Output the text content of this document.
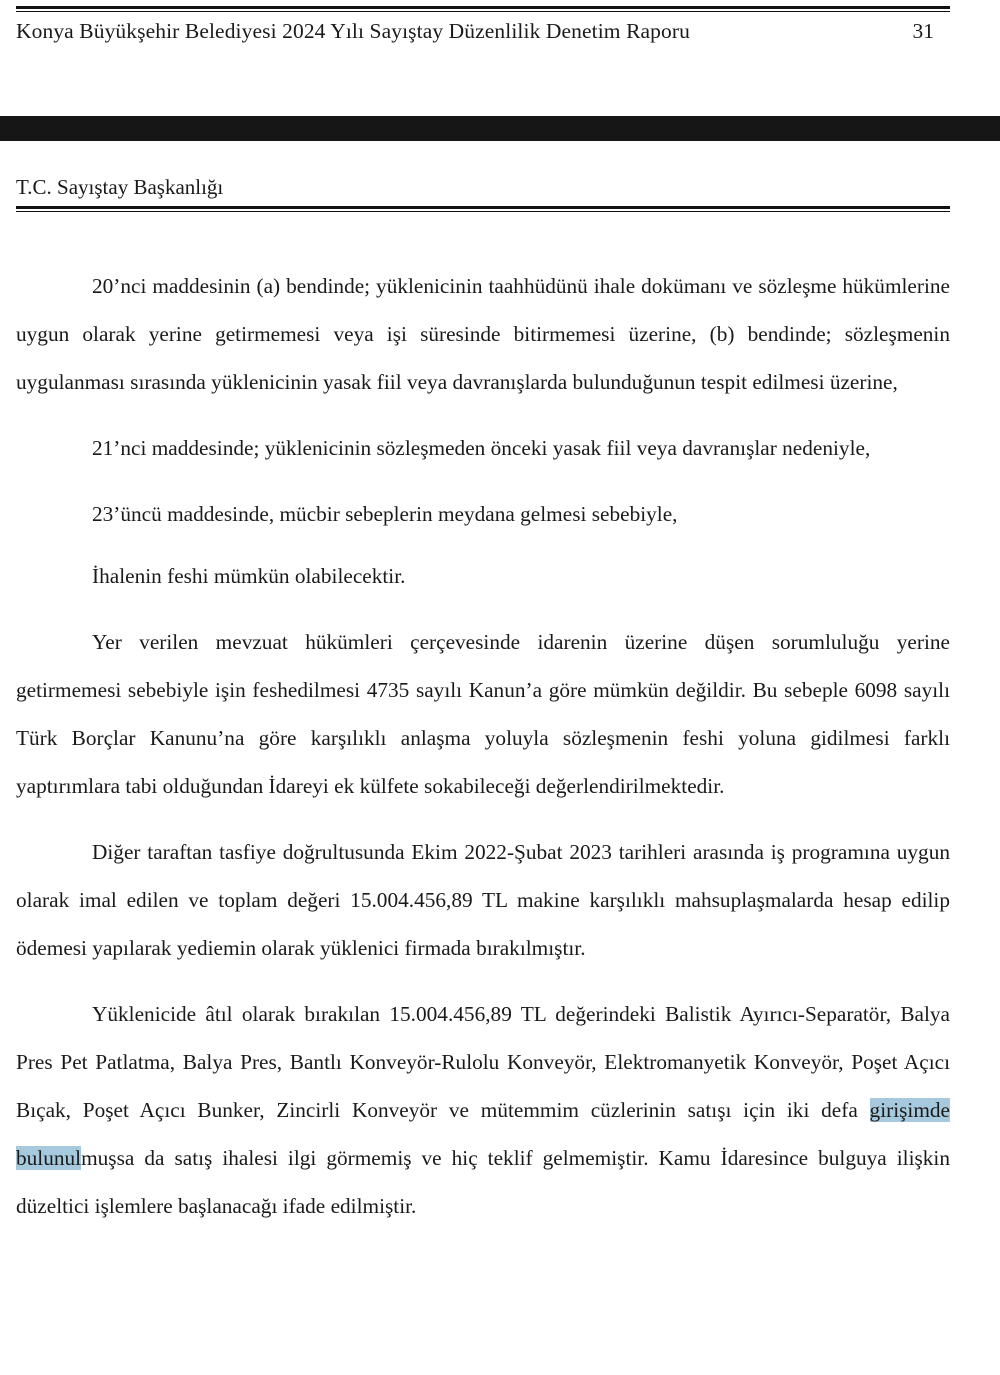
Konya Büyükşehir Belediyesi 2024 Yılı Sayıştay Düzenlilik Denetim Raporu	31
T.C. Sayıştay Başkanlığı

20’nci maddesinin (a) bendinde; yüklenicinin taahhüdünü ihale dokümanı ve sözleşme hükümlerine uygun olarak yerine getirmemesi veya işi süresinde bitirmemesi üzerine, (b) bendinde; sözleşmenin uygulanması sırasında yüklenicinin yasak fiil veya davranışlarda bulunduğunun tespit edilmesi üzerine,

21’nci maddesinde; yüklenicinin sözleşmeden önceki yasak fiil veya davranışlar nedeniyle,

23’üncü maddesinde, mücbir sebeplerin meydana gelmesi sebebiyle,

İhalenin feshi mümkün olabilecektir.

Yer verilen mevzuat hükümleri çerçevesinde idarenin üzerine düşen sorumluluğu yerine getirmemesi sebebiyle işin feshedilmesi 4735 sayılı Kanun’a göre mümkün değildir. Bu sebeple 6098 sayılı Türk Borçlar Kanunu’na göre karşılıklı anlaşma yoluyla sözleşmenin feshi yoluna gidilmesi farklı yaptırımlara tabi olduğundan İdareyi ek külfete sokabileceği değerlendirilmektedir.

Diğer taraftan tasfiye doğrultusunda Ekim 2022-Şubat 2023 tarihleri arasında iş programına uygun olarak imal edilen ve toplam değeri 15.004.456,89 TL makine karşılıklı mahsuplaşmalarda hesap edilip ödemesi yapılarak yediemin olarak yüklenici firmada bırakılmıştır.

Yüklenicide âtıl olarak bırakılan 15.004.456,89 TL değerindeki Balistik Ayırıcı-Separatör, Balya Pres Pet Patlatma, Balya Pres, Bantlı Konveyör-Rulolu Konveyör, Elektromanyetik Konveyör, Poşet Açıcı Bıçak, Poşet Açıcı Bunker, Zincirli Konveyör ve mütemmim cüzlerinin satışı için iki defa girişimde bulunulmuşsa da satış ihalesi ilgi görmemiş ve hiç teklif gelmemiştir. Kamu İdaresince bulguya ilişkin düzeltici işlemlere başlanacağı ifade edilmiştir.
